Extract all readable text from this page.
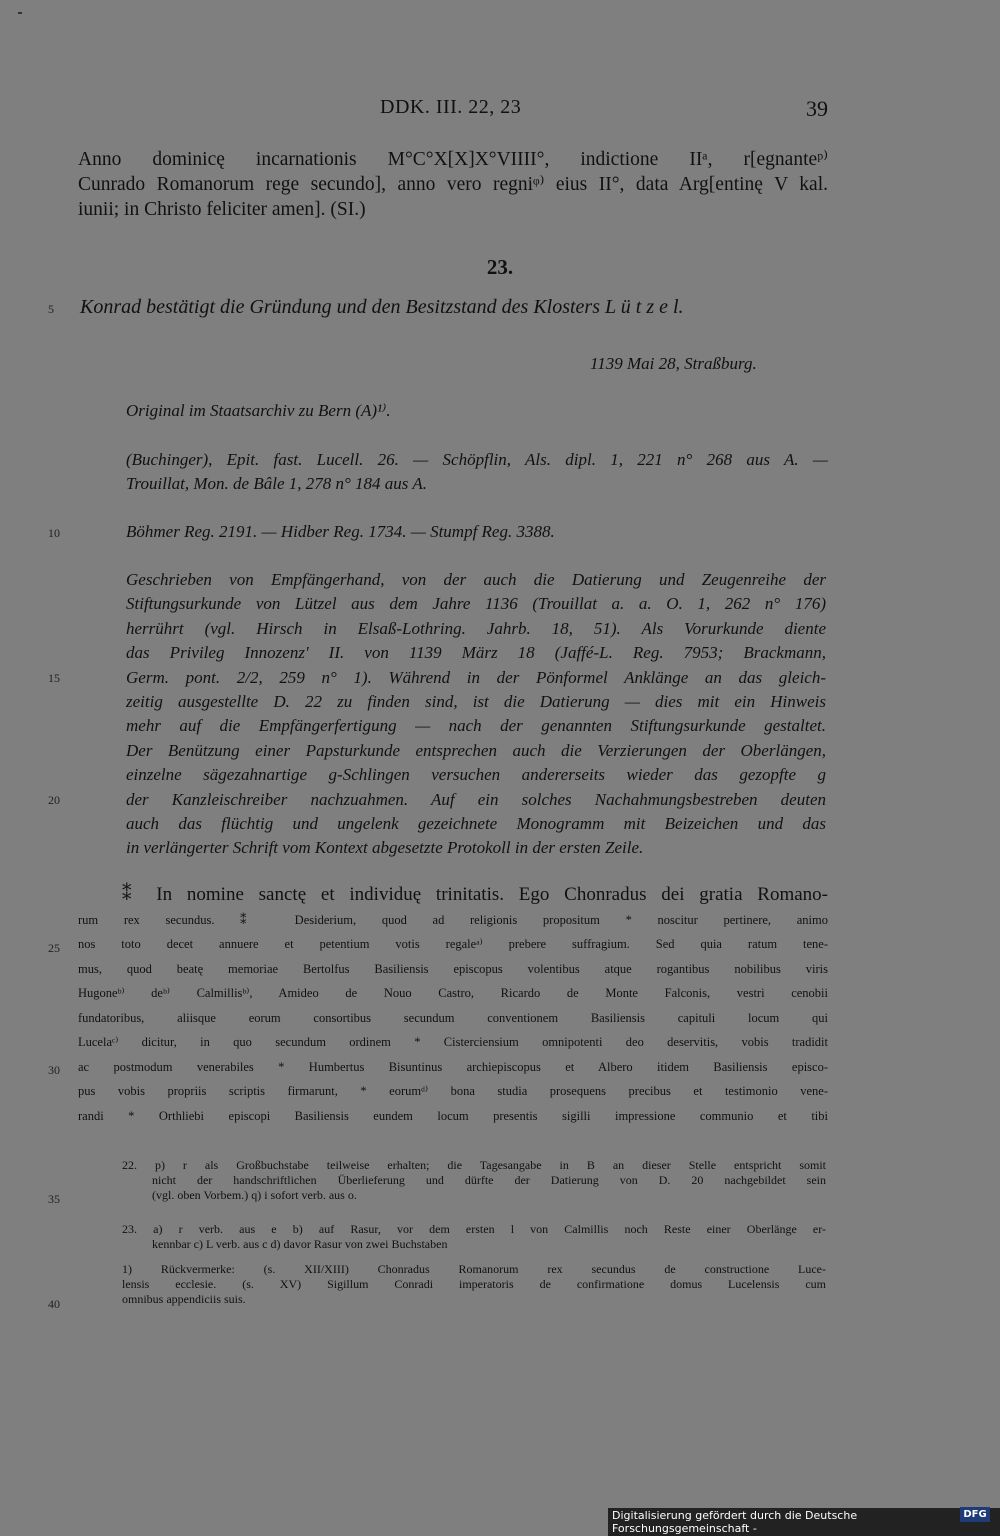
DDK. III. 22, 23	39
Anno dominicę incarnationis M°C°X[X]X°VIIII°, indictione IIᵃ, r[egnanteᵖ⁾
Cunrado Romanorum rege secundo], anno vero regniᵠ⁾ eius II°, data Arg[entinę V kal.
iunii; in Christo feliciter amen]. (SI.)
23.
5 Konrad bestätigt die Gründung und den Besitzstand des Klosters L ü t z e l.
1139 Mai 28, Straßburg.
Original im Staatsarchiv zu Bern (A)¹⁾.
(Buchinger), Epit. fast. Lucell. 26. — Schöpflin, Als. dipl. 1, 221 n° 268 aus A. —
Trouillat, Mon. de Bâle 1, 278 n° 184 aus A.
10	Böhmer Reg. 2191. — Hidber Reg. 1734. — Stumpf Reg. 3388.
Geschrieben von Empfängerhand, von der auch die Datierung und Zeugenreihe der
Stiftungsurkunde von Lützel aus dem Jahre 1136 (Trouillat a. a. O. 1, 262 n° 176)
herrührt (vgl. Hirsch in Elsaß-Lothring. Jahrb. 18, 51). Als Vorurkunde diente
das Privileg Innozenz' II. von 1139 März 18 (Jaffé-L. Reg. 7953; Brackmann,
Germ. pont. 2/2, 259 n° 1). Während in der Pönformel Anklänge an das gleich-
zeitig ausgestellte D. 22 zu finden sind, ist die Datierung — dies mit ein Hinweis
mehr auf die Empfängerfertigung — nach der genannten Stiftungsurkunde gestaltet.
Der Benützung einer Papsturkunde entsprechen auch die Verzierungen der Oberlängen,
einzelne sägezahnartige g-Schlingen versuchen andererseits wieder das gezopfte g
der Kanzleischreiber nachzuahmen. Auf ein solches Nachahmungsbestreben deuten
auch das flüchtig und ungelenk gezeichnete Monogramm mit Beizeichen und das
in verlängerter Schrift vom Kontext abgesetzte Protokoll in der ersten Zeile.
15
20
⁑ In nomine sanctę et individuę trinitatis. Ego Chonradus dei gratia Romano-
rum rex secundus. ⁑ Desiderium, quod ad religionis propositum * noscitur pertinere, animo
nos toto decet annuere et petentium votis regaleᵃ⁾ prebere suffragium. Sed quia ratum tene-
mus, quod beatę memoriae Bertolfus Basiliensis episcopus volentibus atque rogantibus nobilibus viris
Hugoneᵇ⁾ deᵇ⁾ Calmillisᵇ⁾, Amideo de Nouo Castro, Ricardo de Monte Falconis, vestri cenobii
fundatoribus, aliisque eorum consortibus secundum conventionem Basiliensis capituli locum qui
Lucelaᶜ⁾ dicitur, in quo secundum ordinem * Cisterciensium omnipotenti deo deservitis, vobis tradidit
ac postmodum venerabiles * Humbertus Bisuntinus archiepiscopus et Albero itidem Basiliensis episco-
pus vobis propriis scriptis firmarunt, * eorumᵈ⁾ bona studia prosequens precibus et testimonio vene-
randi * Orthliebi episcopi Basiliensis eundem locum presentis sigilli impressione communio et tibi
25
30
22. p) r als Großbuchstabe teilweise erhalten; die Tagesangabe in B an dieser Stelle entspricht somit
nicht der handschriftlichen Überlieferung und dürfte der Datierung von D. 20 nachgebildet sein
(vgl. oben Vorbem.) q) i sofort verb. aus o.
35
23. a) r verb. aus e b) auf Rasur, vor dem ersten l von Calmillis noch Reste einer Oberlänge er-
kennbar c) L verb. aus c d) davor Rasur von zwei Buchstaben
1) Rückvermerke: (s. XII/XIII) Chonradus Romanorum rex secundus de constructione Luce-
lensis ecclesie. (s. XV) Sigillum Conradi imperatoris de confirmatione domus Lucelensis cum
omnibus appendiciis suis.
40
Digitalisierung gefördert durch die Deutsche Forschungsgemeinschaft -
DFG
